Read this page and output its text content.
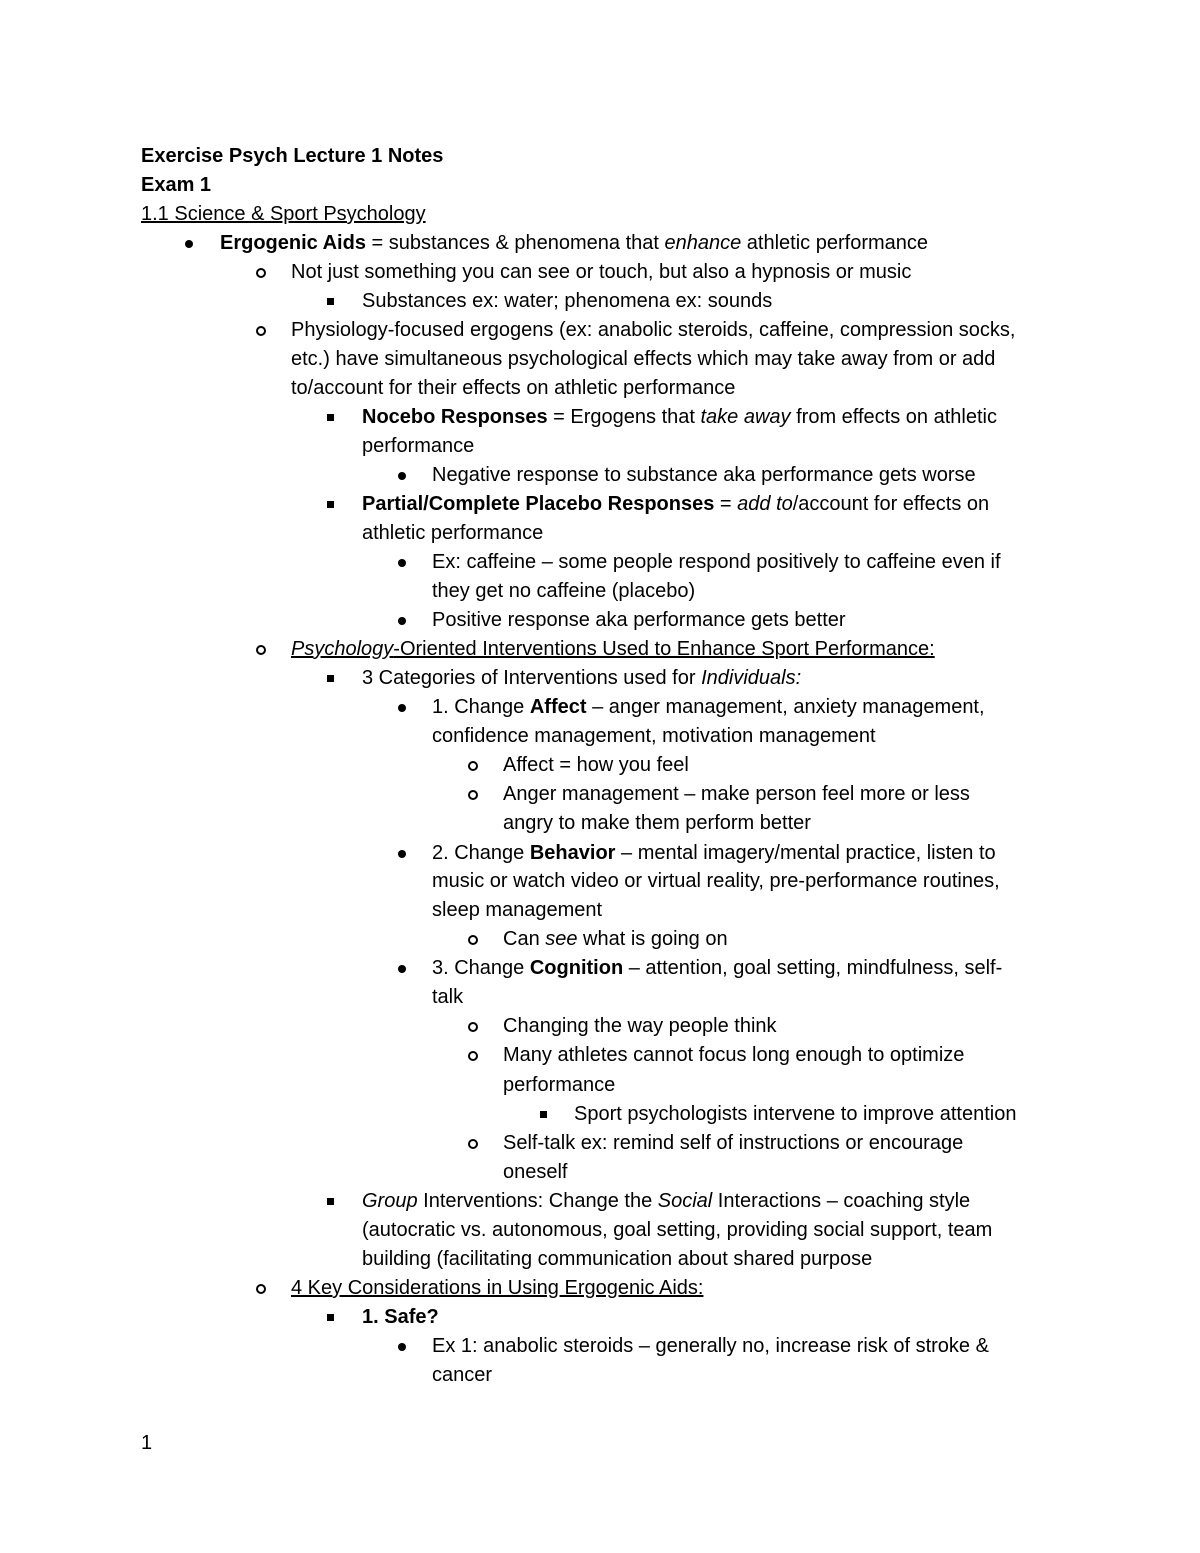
Exercise Psych Lecture 1 Notes
Exam 1
1.1 Science & Sport Psychology
Ergogenic Aids = substances & phenomena that enhance athletic performance
Not just something you can see or touch, but also a hypnosis or music
Substances ex: water; phenomena ex: sounds
Physiology-focused ergogens (ex: anabolic steroids, caffeine, compression socks,
etc.) have simultaneous psychological effects which may take away from or add
to/account for their effects on athletic performance
Nocebo Responses = Ergogens that take away from effects on athletic
performance
Negative response to substance aka performance gets worse
Partial/Complete Placebo Responses = add to/account for effects on
athletic performance
Ex: caffeine – some people respond positively to caffeine even if
they get no caffeine (placebo)
Positive response aka performance gets better
Psychology-Oriented Interventions Used to Enhance Sport Performance:
3 Categories of Interventions used for Individuals:
1. Change Affect – anger management, anxiety management,
confidence management, motivation management
Affect = how you feel
Anger management – make person feel more or less
angry to make them perform better
2. Change Behavior – mental imagery/mental practice, listen to
music or watch video or virtual reality, pre-performance routines,
sleep management
Can see what is going on
3. Change Cognition – attention, goal setting, mindfulness, self-
talk
Changing the way people think
Many athletes cannot focus long enough to optimize
performance
Sport psychologists intervene to improve attention
Self-talk ex: remind self of instructions or encourage
oneself
Group Interventions: Change the Social Interactions – coaching style
(autocratic vs. autonomous, goal setting, providing social support, team
building (facilitating communication about shared purpose
4 Key Considerations in Using Ergogenic Aids:
1. Safe?
Ex 1: anabolic steroids – generally no, increase risk of stroke &
cancer
1
